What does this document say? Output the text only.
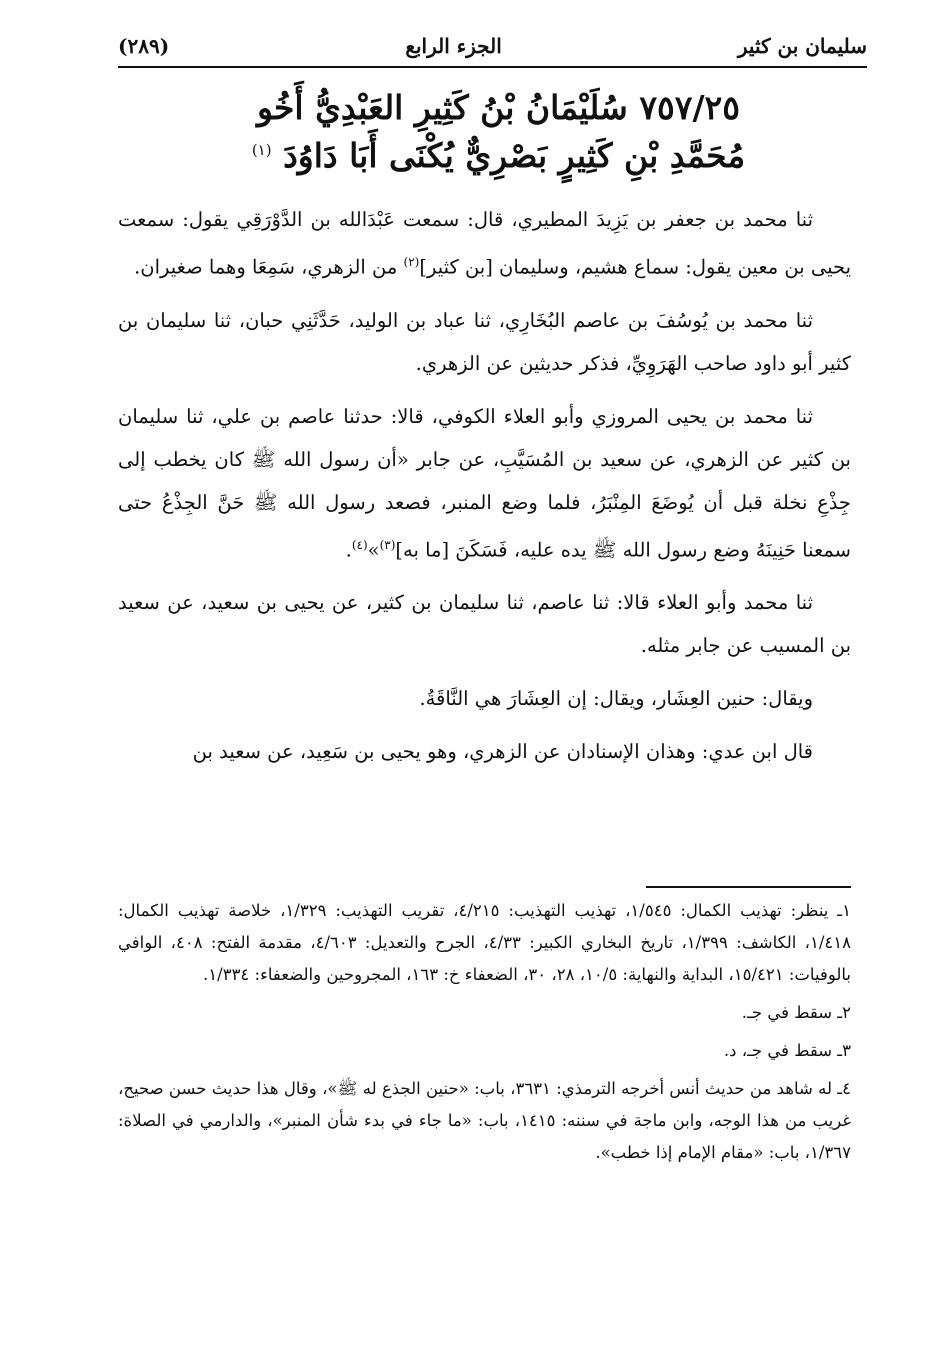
سليمان بن كثير
الجزء الرابع
(٢٨٩)
٧٥٧/٢٥ سُلَيْمَانُ بْنُ كَثِيرِ العَبْدِيُّ أَخُو
مُحَمَّدِ بْنِ كَثِيرٍ بَصْرِيٌّ يُكْنَى أَبَا دَاوُدَ $^{(١)}$

ثنا محمد بن جعفر بن يَزِيدَ المطيري، قال: سمعت عَبْدَالله بن الدَّوْرَقِي يقول: سمعت يحيى بن معين يقول: سماع هشيم، وسليمان [بن كثير]$^{(٢)}$ من الزهري، سَمِعَا وهما صغيران.

ثنا محمد بن يُوسُفَ بن عاصم البُخَارِي، ثنا عباد بن الوليد، حَدَّثَنِي حبان، ثنا سليمان بن كثير أبو داود صاحب الهَرَوِيِّ، فذكر حديثين عن الزهري.

ثنا محمد بن يحيى المروزي وأبو العلاء الكوفي، قالا: حدثنا عاصم بن علي، ثنا سليمان بن كثير عن الزهري، عن سعيد بن المُسَيَّبِ، عن جابر «أن رسول الله ﷺ كان يخطب إلى جِذْعِ نخلة قبل أن يُوضَعَ المِنْبَرُ، فلما وضع المنبر، فصعد رسول الله ﷺ حَنَّ الجِذْعُ حتى سمعنا حَنِينَهُ وضع رسول الله ﷺ يده عليه، فَسَكَنَ [ما به]$^{(٣)}$»$^{(٤)}$.

ثنا محمد وأبو العلاء قالا: ثنا عاصم، ثنا سليمان بن كثير، عن يحيى بن سعيد، عن سعيد بن المسيب عن جابر مثله.

ويقال: حنين العِشَار، ويقال: إن العِشَارَ هي النَّاقَةُ.

قال ابن عدي: وهذان الإسنادان عن الزهري، وهو يحيى بن سَعِيد، عن سعيد بن

١ـ ينظر: تهذيب الكمال: ١/٥٤٥، تهذيب التهذيب: ٤/٢١٥، تقريب التهذيب: ١/٣٢٩، خلاصة تهذيب الكمال: ١/٤١٨، الكاشف: ١/٣٩٩، تاريخ البخاري الكبير: ٤/٣٣، الجرح والتعديل: ٤/٦٠٣، مقدمة الفتح: ٤٠٨، الوافي بالوفيات: ١٥/٤٢١، البداية والنهاية: ١٠/٥، ٢٨، ٣٠، الضعفاء خ: ١٦٣، المجروحين والضعفاء: ١/٣٣٤.

٢ـ سقط في جـ.

٣ـ سقط في جـ، د.

٤ـ له شاهد من حديث أنس أخرجه الترمذي: ٣٦٣١، باب: «حنين الجذع له ﷺ»، وقال هذا حديث حسن صحيح، غريب من هذا الوجه، وابن ماجة في سننه: ١٤١٥، باب: «ما جاء في بدء شأن المنبر»، والدارمي في الصلاة: ١/٣٦٧، باب: «مقام الإمام إذا خطب».
